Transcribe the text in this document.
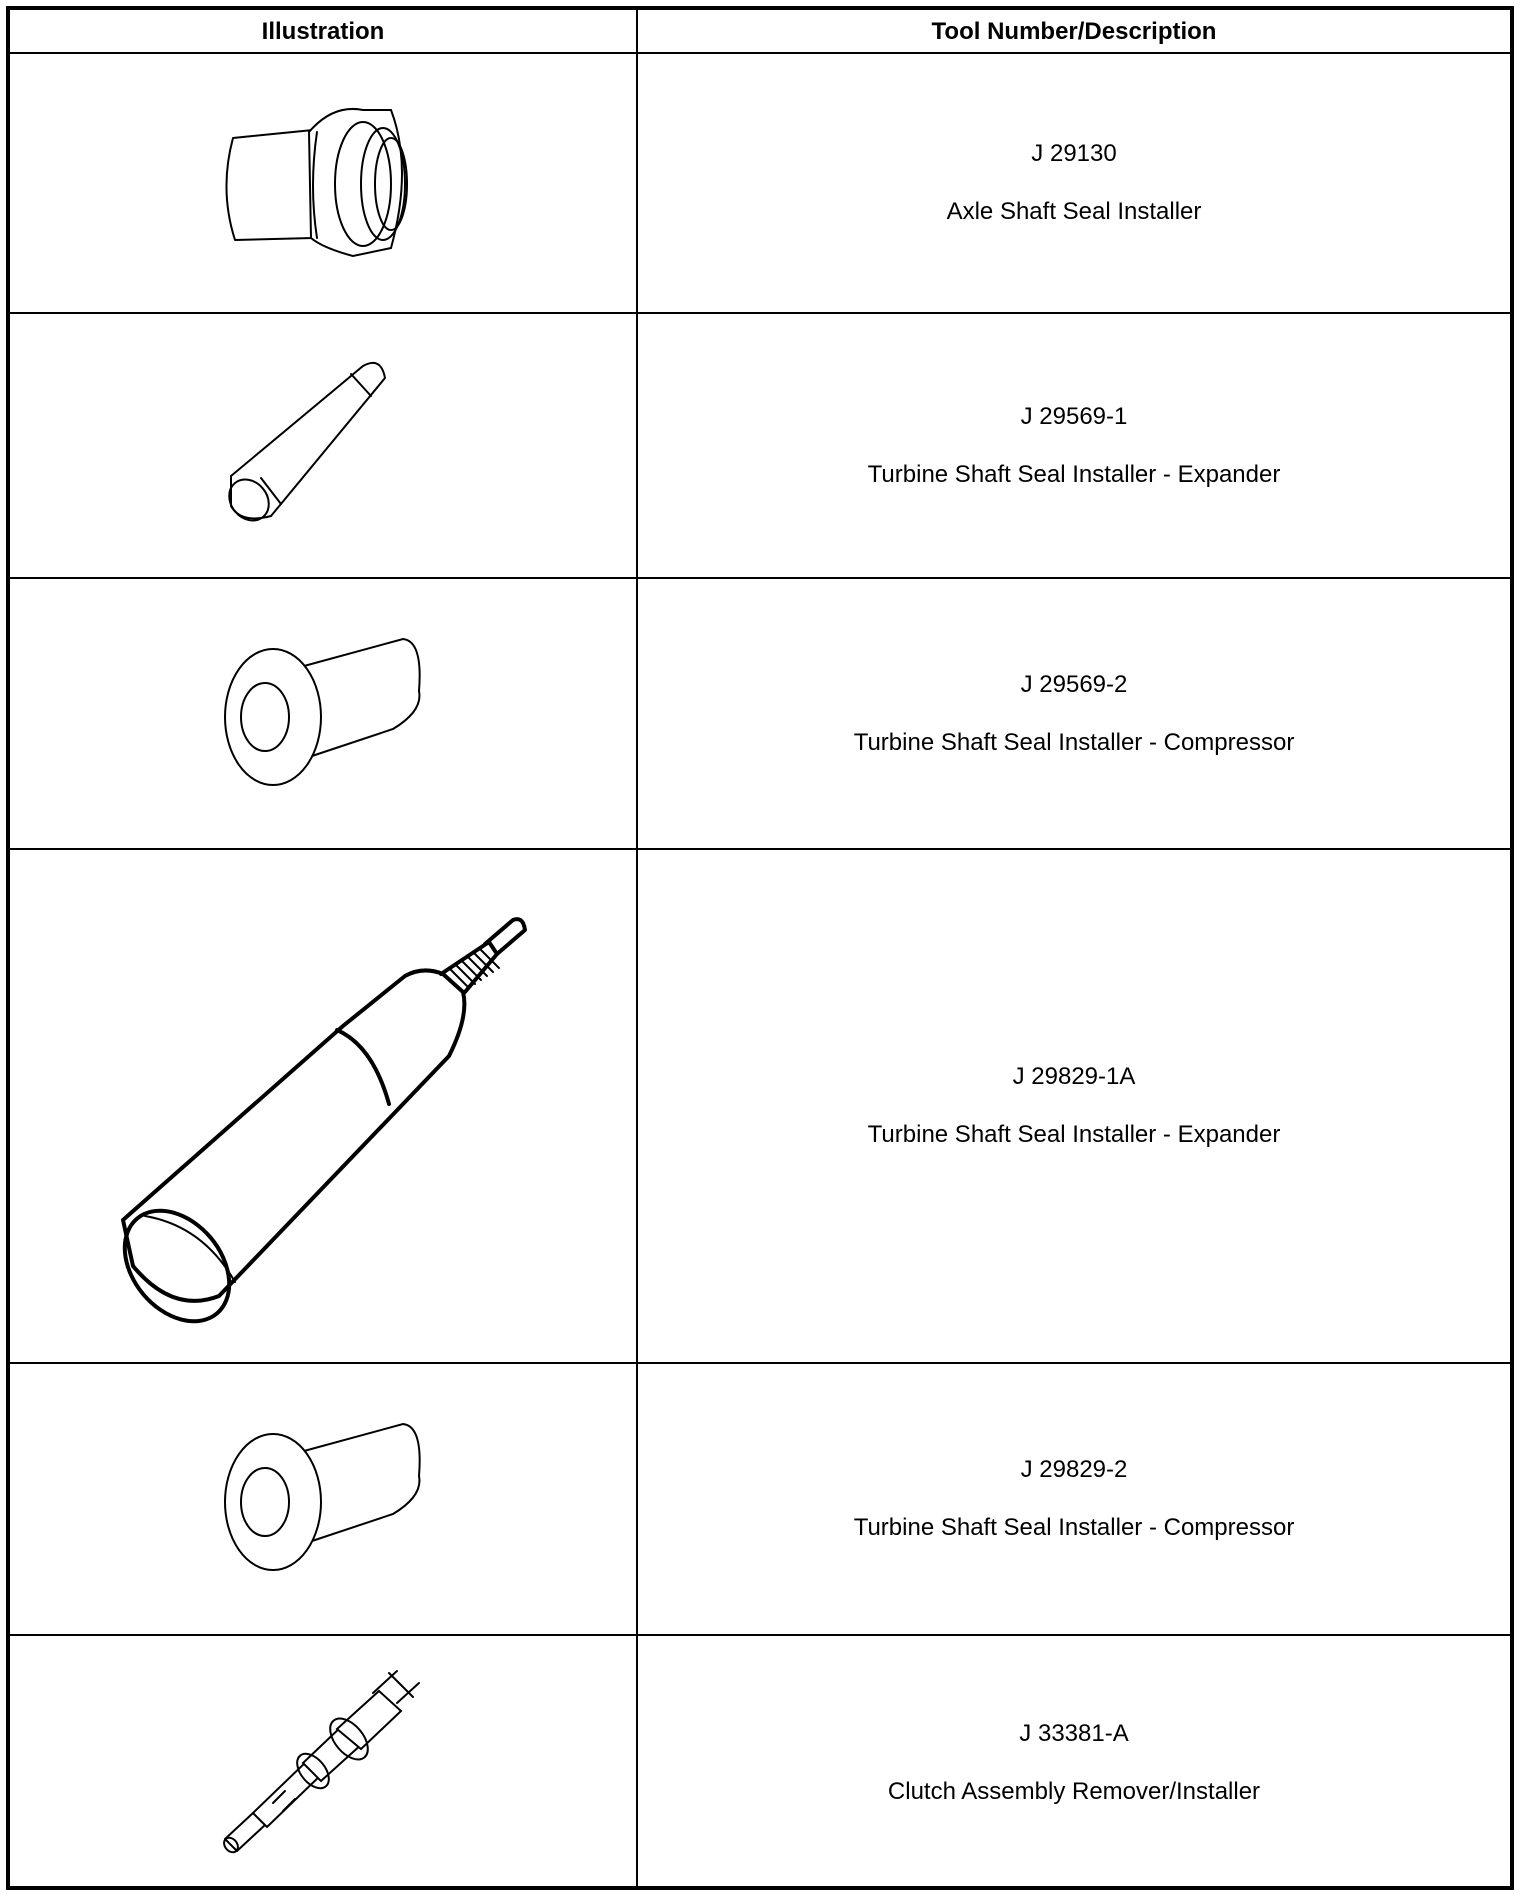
Illustration	Tool Number/Description
J 29130
Axle Shaft Seal Installer
J 29569-1
Turbine Shaft Seal Installer - Expander
J 29569-2
Turbine Shaft Seal Installer - Compressor
J 29829-1A
Turbine Shaft Seal Installer - Expander
J 29829-2
Turbine Shaft Seal Installer - Compressor
J 33381-A
Clutch Assembly Remover/Installer
